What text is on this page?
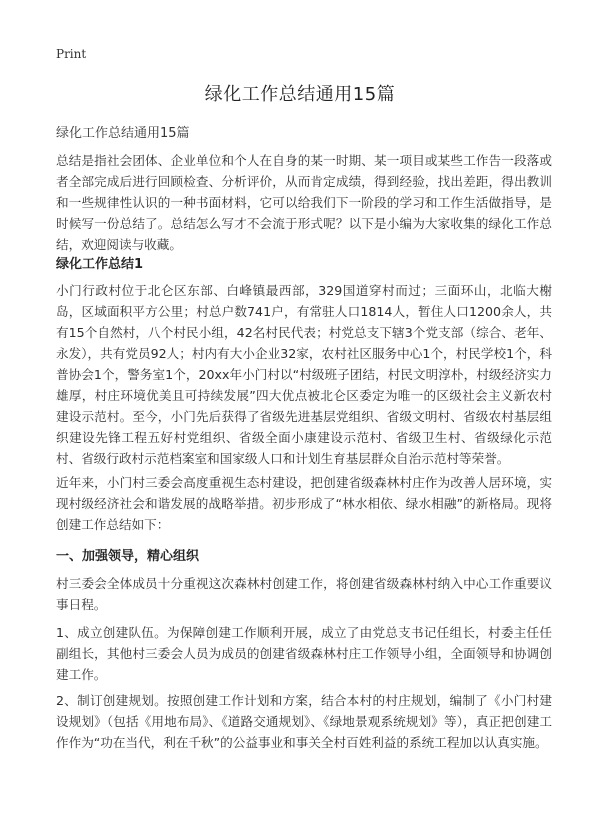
Print
绿化工作总结通用15篇
绿化工作总结通用15篇

总结是指社会团体、企业单位和个人在自身的某一时期、某一项目或某些工作告一段落或者全部完成后进行回顾检查、分析评价，从而肯定成绩，得到经验，找出差距，得出教训和一些规律性认识的一种书面材料，它可以给我们下一阶段的学习和工作生活做指导，是时候写一份总结了。总结怎么写才不会流于形式呢？以下是小编为大家收集的绿化工作总结，欢迎阅读与收藏。

绿化工作总结1

小门行政村位于北仑区东部、白峰镇最西部，329国道穿村而过；三面环山，北临大榭岛，区域面积平方公里；村总户数741户，有常驻人口1814人，暂住人口1200余人，共有15个自然村，八个村民小组，42名村民代表；村党总支下辖3个党支部（综合、老年、永发），共有党员92人；村内有大小企业32家，农村社区服务中心1个，村民学校1个，科普协会1个，警务室1个，20xx年小门村以“村级班子团结，村民文明淳朴，村级经济实力雄厚，村庄环境优美且可持续发展”四大优点被北仑区委定为唯一的区级社会主义新农村建设示范村。至今，小门先后获得了省级先进基层党组织、省级文明村、省级农村基层组织建设先锋工程五好村党组织、省级全面小康建设示范村、省级卫生村、省级绿化示范村、省级行政村示范档案室和国家级人口和计划生育基层群众自治示范村等荣誉。

近年来，小门村三委会高度重视生态村建设，把创建省级森林村庄作为改善人居环境，实现村级经济社会和谐发展的战略举措。初步形成了“林水相依、绿水相融”的新格局。现将创建工作总结如下：

一、加强领导，精心组织

村三委会全体成员十分重视这次森林村创建工作，将创建省级森林村纳入中心工作重要议事日程。

1、成立创建队伍。为保障创建工作顺利开展，成立了由党总支书记任组长，村委主任任副组长，其他村三委会人员为成员的创建省级森林村庄工作领导小组，全面领导和协调创建工作。

2、制订创建规划。按照创建工作计划和方案，结合本村的村庄规划，编制了《小门村建设规划》（包括《用地布局》、《道路交通规划》、《绿地景观系统规划》等），真正把创建工作作为“功在当代，利在千秋”的公益事业和事关全村百姓利益的系统工程加以认真实施。
